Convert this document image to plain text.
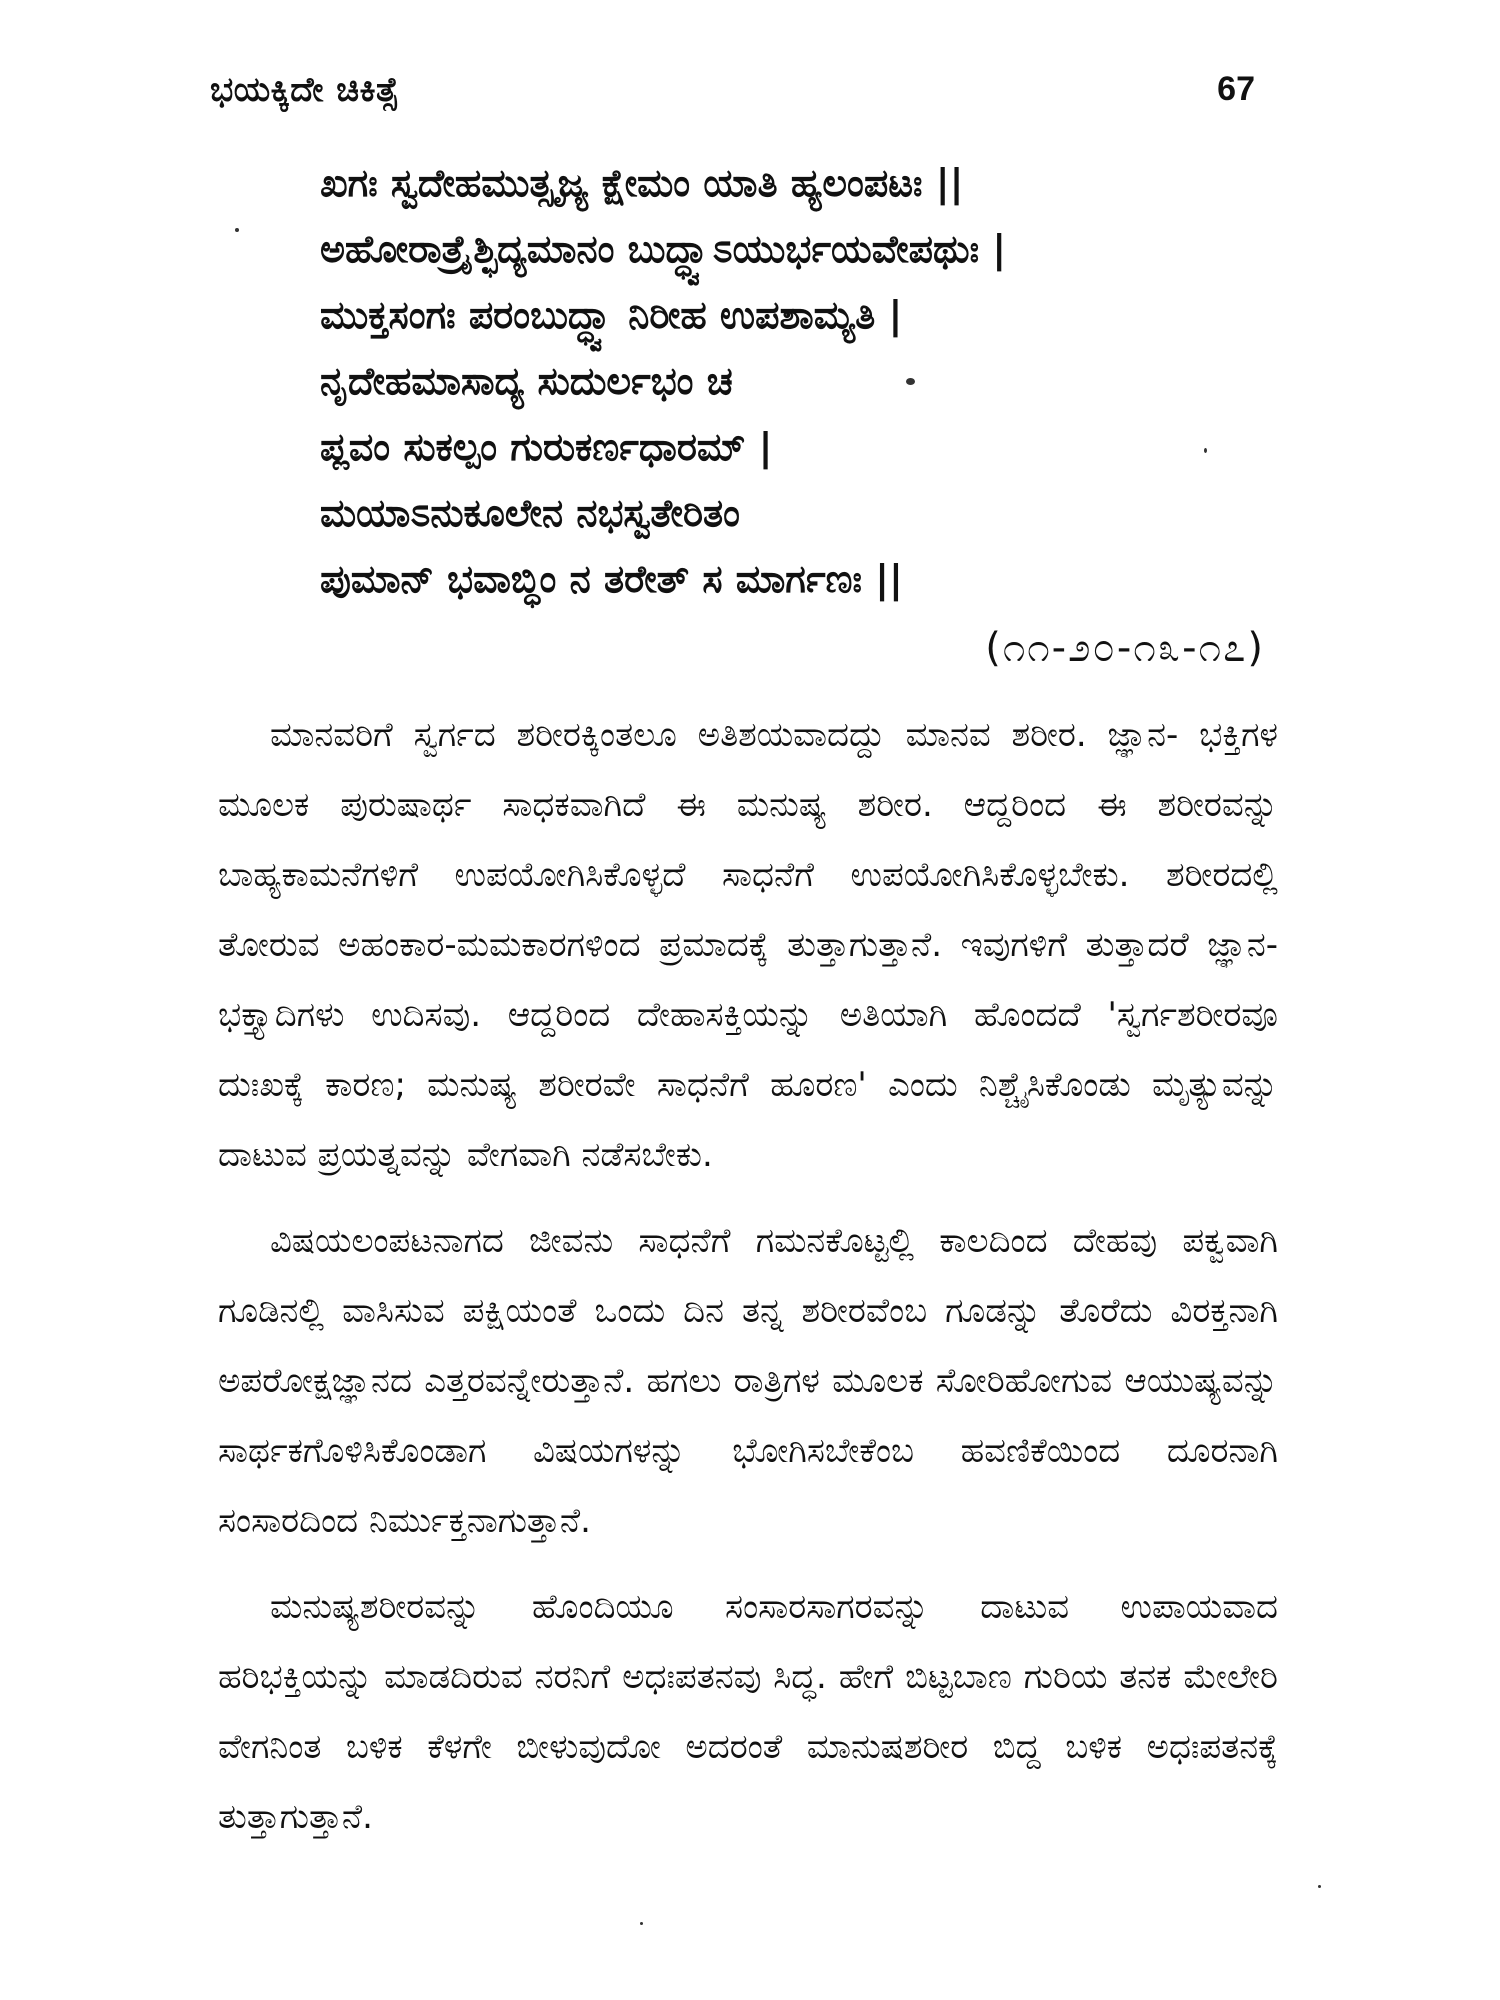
ಭಯಕ್ಕಿದೇ ಚಿಕಿತ್ಸೆ	67
ಖಗಃ ಸ್ವದೇಹಮುತ್ಸೃಜ್ಯ ಕ್ಷೇಮಂ ಯಾತಿ ಹ್ಯಲಂಪಟಃ ||
ಅಹೋರಾತ್ರೈಶ್ಛಿದ್ಯಮಾನಂ ಬುದ್ಧ್ವಾಽಯುರ್ಭಯವೇಪಥುಃ |
ಮುಕ್ತಸಂಗಃ ಪರಂಬುದ್ಧ್ವಾ ನಿರೀಹ ಉಪಶಾಮ್ಯತಿ |
ನೃದೇಹಮಾಸಾದ್ಯ ಸುದುರ್ಲಭಂ ಚ
ಪ್ಲವಂ ಸುಕಲ್ಪಂ ಗುರುಕರ್ಣಧಾರಮ್ |
ಮಯಾಽನುಕೂಲೇನ ನಭಸ್ವತೇರಿತಂ
ಪುಮಾನ್ ಭವಾಬ್ಧಿಂ ನ ತರೇತ್ ಸ ಮಾರ್ಗಣಃ ||
(೧೧-೨೦-೧೩-೧೭)

ಮಾನವರಿಗೆ ಸ್ವರ್ಗದ ಶರೀರಕ್ಕಿಂತಲೂ ಅತಿಶಯವಾದದ್ದು ಮಾನವ ಶರೀರ. ಜ್ಞಾನ- ಭಕ್ತಿಗಳ ಮೂಲಕ ಪುರುಷಾರ್ಥ ಸಾಧಕವಾಗಿದೆ ಈ ಮನುಷ್ಯ ಶರೀರ. ಆದ್ದರಿಂದ ಈ ಶರೀರವನ್ನು ಬಾಹ್ಯಕಾಮನೆಗಳಿಗೆ ಉಪಯೋಗಿಸಿಕೊಳ್ಳದೆ ಸಾಧನೆಗೆ ಉಪಯೋಗಿಸಿಕೊಳ್ಳಬೇಕು. ಶರೀರದಲ್ಲಿ ತೋರುವ ಅಹಂಕಾರ-ಮಮಕಾರಗಳಿಂದ ಪ್ರಮಾದಕ್ಕೆ ತುತ್ತಾಗುತ್ತಾನೆ. ಇವುಗಳಿಗೆ ತುತ್ತಾದರೆ ಜ್ಞಾನ-ಭಕ್ತ್ಯಾದಿಗಳು ಉದಿಸವು. ಆದ್ದರಿಂದ ದೇಹಾಸಕ್ತಿಯನ್ನು ಅತಿಯಾಗಿ ಹೊಂದದೆ 'ಸ್ವರ್ಗಶರೀರವೂ ದುಃಖಕ್ಕೆ ಕಾರಣ; ಮನುಷ್ಯ ಶರೀರವೇ ಸಾಧನೆಗೆ ಹೂರಣ' ಎಂದು ನಿಶ್ಚೈಸಿಕೊಂಡು ಮೃತ್ಯುವನ್ನು ದಾಟುವ ಪ್ರಯತ್ನವನ್ನು ವೇಗವಾಗಿ ನಡೆಸಬೇಕು.

ವಿಷಯಲಂಪಟನಾಗದ ಜೀವನು ಸಾಧನೆಗೆ ಗಮನಕೊಟ್ಟಲ್ಲಿ ಕಾಲದಿಂದ ದೇಹವು ಪಕ್ವವಾಗಿ ಗೂಡಿನಲ್ಲಿ ವಾಸಿಸುವ ಪಕ್ಷಿಯಂತೆ ಒಂದು ದಿನ ತನ್ನ ಶರೀರವೆಂಬ ಗೂಡನ್ನು ತೊರೆದು ವಿರಕ್ತನಾಗಿ ಅಪರೋಕ್ಷಜ್ಞಾನದ ಎತ್ತರವನ್ನೇರುತ್ತಾನೆ. ಹಗಲು ರಾತ್ರಿಗಳ ಮೂಲಕ ಸೋರಿಹೋಗುವ ಆಯುಷ್ಯವನ್ನು ಸಾರ್ಥಕಗೊಳಿಸಿಕೊಂಡಾಗ ವಿಷಯಗಳನ್ನು ಭೋಗಿಸಬೇಕೆಂಬ ಹವಣಿಕೆಯಿಂದ ದೂರನಾಗಿ ಸಂಸಾರದಿಂದ ನಿರ್ಮುಕ್ತನಾಗುತ್ತಾನೆ.

ಮನುಷ್ಯಶರೀರವನ್ನು ಹೊಂದಿಯೂ ಸಂಸಾರಸಾಗರವನ್ನು ದಾಟುವ ಉಪಾಯವಾದ ಹರಿಭಕ್ತಿಯನ್ನು ಮಾಡದಿರುವ ನರನಿಗೆ ಅಧಃಪತನವು ಸಿದ್ಧ. ಹೇಗೆ ಬಿಟ್ಟಬಾಣ ಗುರಿಯ ತನಕ ಮೇಲೇರಿ ವೇಗನಿಂತ ಬಳಿಕ ಕೆಳಗೇ ಬೀಳುವುದೋ ಅದರಂತೆ ಮಾನುಷಶರೀರ ಬಿದ್ದ ಬಳಿಕ ಅಧಃಪತನಕ್ಕೆ ತುತ್ತಾಗುತ್ತಾನೆ.
